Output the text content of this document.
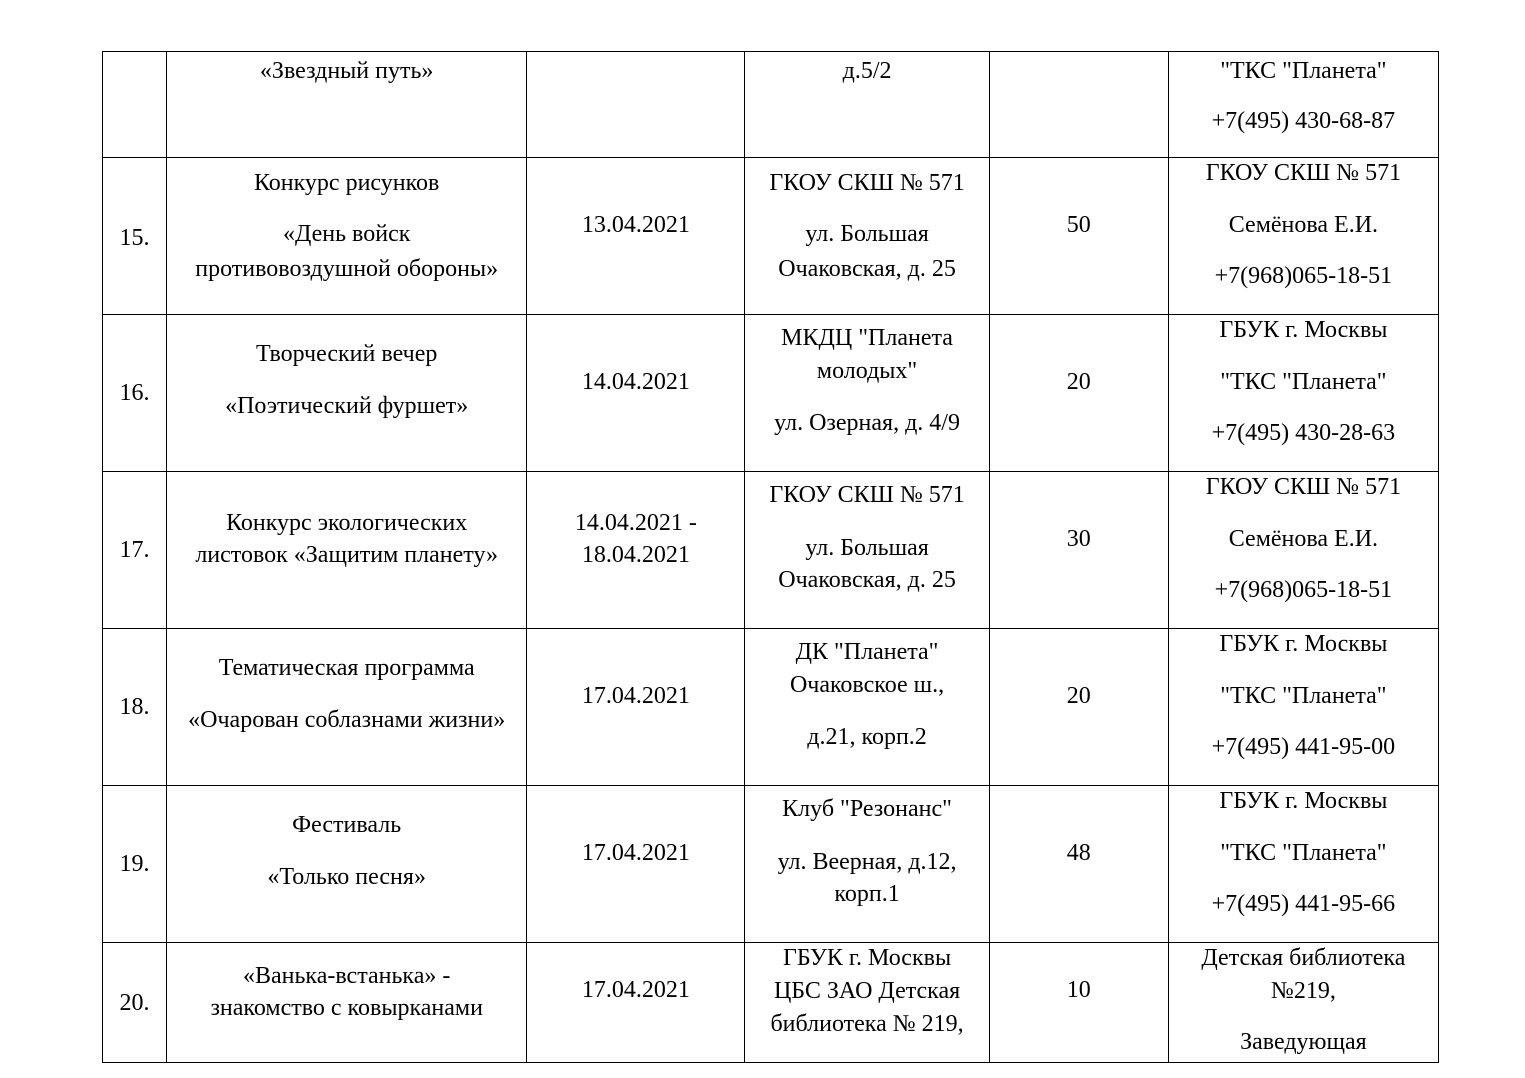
	«Звездный путь»		д.5/2		"ТКС "Планета"
+7(495) 430-68-87

15.	Конкурс рисунков
«День войск
противовоздушной обороны»	13.04.2021	ГКОУ СКШ № 571
ул. Большая
Очаковская, д. 25	50	ГКОУ СКШ № 571
Семёнова Е.И.
+7(968)065-18-51

16.	Творческий вечер
«Поэтический фуршет»	14.04.2021	МКДЦ "Планета
молодых"
ул. Озерная, д. 4/9	20	ГБУК г. Москвы
"ТКС "Планета"
+7(495) 430-28-63

17.	Конкурс экологических
листовок «Защитим планету»	14.04.2021 -
18.04.2021	ГКОУ СКШ № 571
ул. Большая
Очаковская, д. 25	30	ГКОУ СКШ № 571
Семёнова Е.И.
+7(968)065-18-51

18.	Тематическая программа
«Очарован соблазнами жизни»	17.04.2021	ДК "Планета"
Очаковское ш.,
д.21, корп.2	20	ГБУК г. Москвы
"ТКС "Планета"
+7(495) 441-95-00

19.	Фестиваль
«Только песня»	17.04.2021	Клуб "Резонанс"
ул. Веерная, д.12,
корп.1	48	ГБУК г. Москвы
"ТКС "Планета"
+7(495) 441-95-66

20.	«Ванька-встанька» -
знакомство с ковырканами	17.04.2021	ГБУК г. Москвы
ЦБС ЗАО Детская
библиотека № 219,	10	Детская библиотека
№219,
Заведующая
